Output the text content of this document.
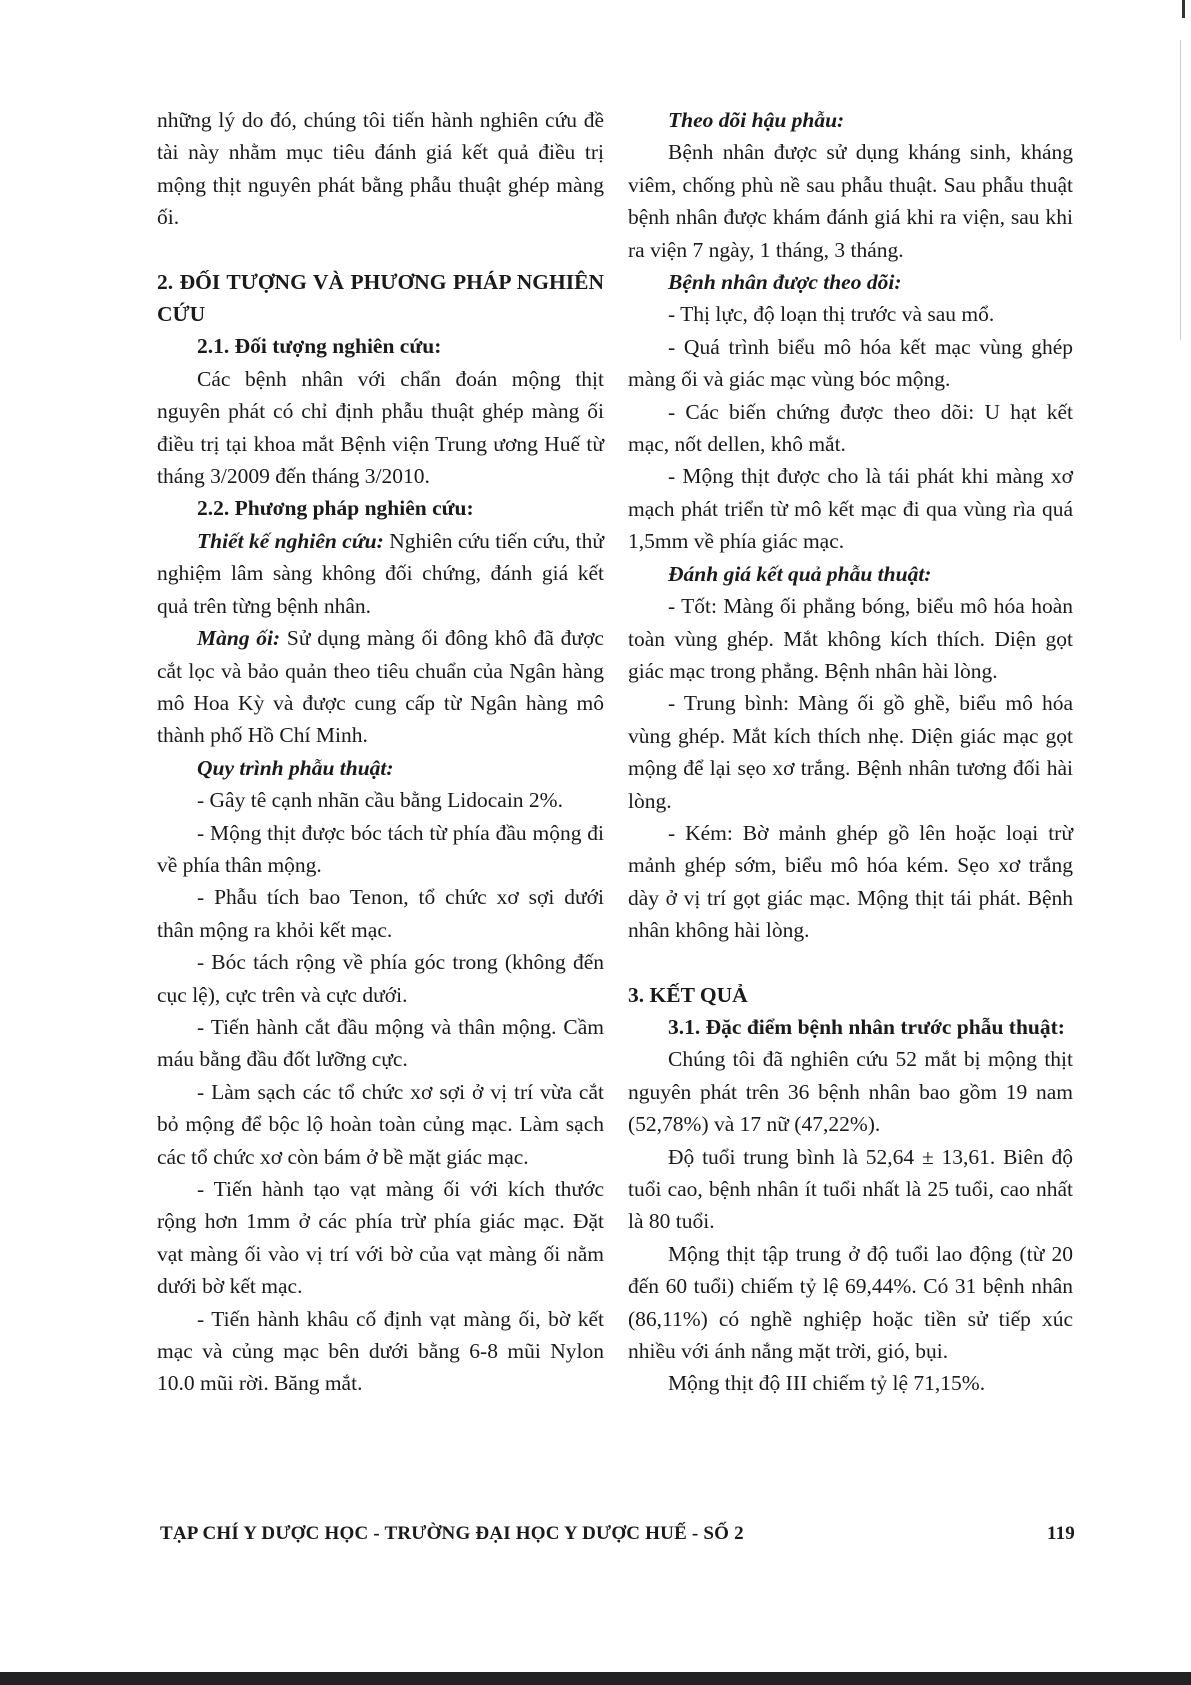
những lý do đó, chúng tôi tiến hành nghiên cứu đề tài này nhằm mục tiêu đánh giá kết quả điều trị mộng thịt nguyên phát bằng phẫu thuật ghép màng ối.

2. ĐỐI TƯỢNG VÀ PHƯƠNG PHÁP NGHIÊN CỨU

2.1. Đối tượng nghiên cứu:

Các bệnh nhân với chẩn đoán mộng thịt nguyên phát có chỉ định phẫu thuật ghép màng ối điều trị tại khoa mắt Bệnh viện Trung ương Huế từ tháng 3/2009 đến tháng 3/2010.

2.2. Phương pháp nghiên cứu:

Thiết kế nghiên cứu: Nghiên cứu tiến cứu, thử nghiệm lâm sàng không đối chứng, đánh giá kết quả trên từng bệnh nhân.

Màng ối: Sử dụng màng ối đông khô đã được cắt lọc và bảo quản theo tiêu chuẩn của Ngân hàng mô Hoa Kỳ và được cung cấp từ Ngân hàng mô thành phố Hồ Chí Minh.

Quy trình phẫu thuật:

- Gây tê cạnh nhãn cầu bằng Lidocain 2%.

- Mộng thịt được bóc tách từ phía đầu mộng đi về phía thân mộng.

- Phẫu tích bao Tenon, tổ chức xơ sợi dưới thân mộng ra khỏi kết mạc.

- Bóc tách rộng về phía góc trong (không đến cục lệ), cực trên và cực dưới.

- Tiến hành cắt đầu mộng và thân mộng. Cầm máu bằng đầu đốt lưỡng cực.

- Làm sạch các tổ chức xơ sợi ở vị trí vừa cắt bỏ mộng để bộc lộ hoàn toàn củng mạc. Làm sạch các tổ chức xơ còn bám ở bề mặt giác mạc.

- Tiến hành tạo vạt màng ối với kích thước rộng hơn 1mm ở các phía trừ phía giác mạc. Đặt vạt màng ối vào vị trí với bờ của vạt màng ối nằm dưới bờ kết mạc.

- Tiến hành khâu cố định vạt màng ối, bờ kết mạc và củng mạc bên dưới bằng 6-8 mũi Nylon 10.0 mũi rời. Băng mắt.

Theo dõi hậu phẫu:

Bệnh nhân được sử dụng kháng sinh, kháng viêm, chống phù nề sau phẫu thuật. Sau phẫu thuật bệnh nhân được khám đánh giá khi ra viện, sau khi ra viện 7 ngày, 1 tháng, 3 tháng.

Bệnh nhân được theo dõi:

- Thị lực, độ loạn thị trước và sau mổ.

- Quá trình biểu mô hóa kết mạc vùng ghép màng ối và giác mạc vùng bóc mộng.

- Các biến chứng được theo dõi: U hạt kết mạc, nốt dellen, khô mắt.

- Mộng thịt được cho là tái phát khi màng xơ mạch phát triển từ mô kết mạc đi qua vùng rìa quá 1,5mm về phía giác mạc.

Đánh giá kết quả phẫu thuật:

- Tốt: Màng ối phẳng bóng, biểu mô hóa hoàn toàn vùng ghép. Mắt không kích thích. Diện gọt giác mạc trong phẳng. Bệnh nhân hài lòng.

- Trung bình: Màng ối gồ ghề, biểu mô hóa vùng ghép. Mắt kích thích nhẹ. Diện giác mạc gọt mộng để lại sẹo xơ trắng. Bệnh nhân tương đối hài lòng.

- Kém: Bờ mảnh ghép gồ lên hoặc loại trừ mảnh ghép sớm, biểu mô hóa kém. Sẹo xơ trắng dày ở vị trí gọt giác mạc. Mộng thịt tái phát. Bệnh nhân không hài lòng.

3. KẾT QUẢ

3.1. Đặc điểm bệnh nhân trước phẫu thuật:

Chúng tôi đã nghiên cứu 52 mắt bị mộng thịt nguyên phát trên 36 bệnh nhân bao gồm 19 nam (52,78%) và 17 nữ (47,22%).

Độ tuổi trung bình là 52,64 ± 13,61. Biên độ tuổi cao, bệnh nhân ít tuổi nhất là 25 tuổi, cao nhất là 80 tuổi.

Mộng thịt tập trung ở độ tuổi lao động (từ 20 đến 60 tuổi) chiếm tỷ lệ 69,44%. Có 31 bệnh nhân (86,11%) có nghề nghiệp hoặc tiền sử tiếp xúc nhiều với ánh nắng mặt trời, gió, bụi.

Mộng thịt độ III chiếm tỷ lệ 71,15%.

TẠP CHÍ Y DƯỢC HỌC - TRƯỜNG ĐẠI HỌC Y DƯỢC HUẾ - SỐ 2	119
